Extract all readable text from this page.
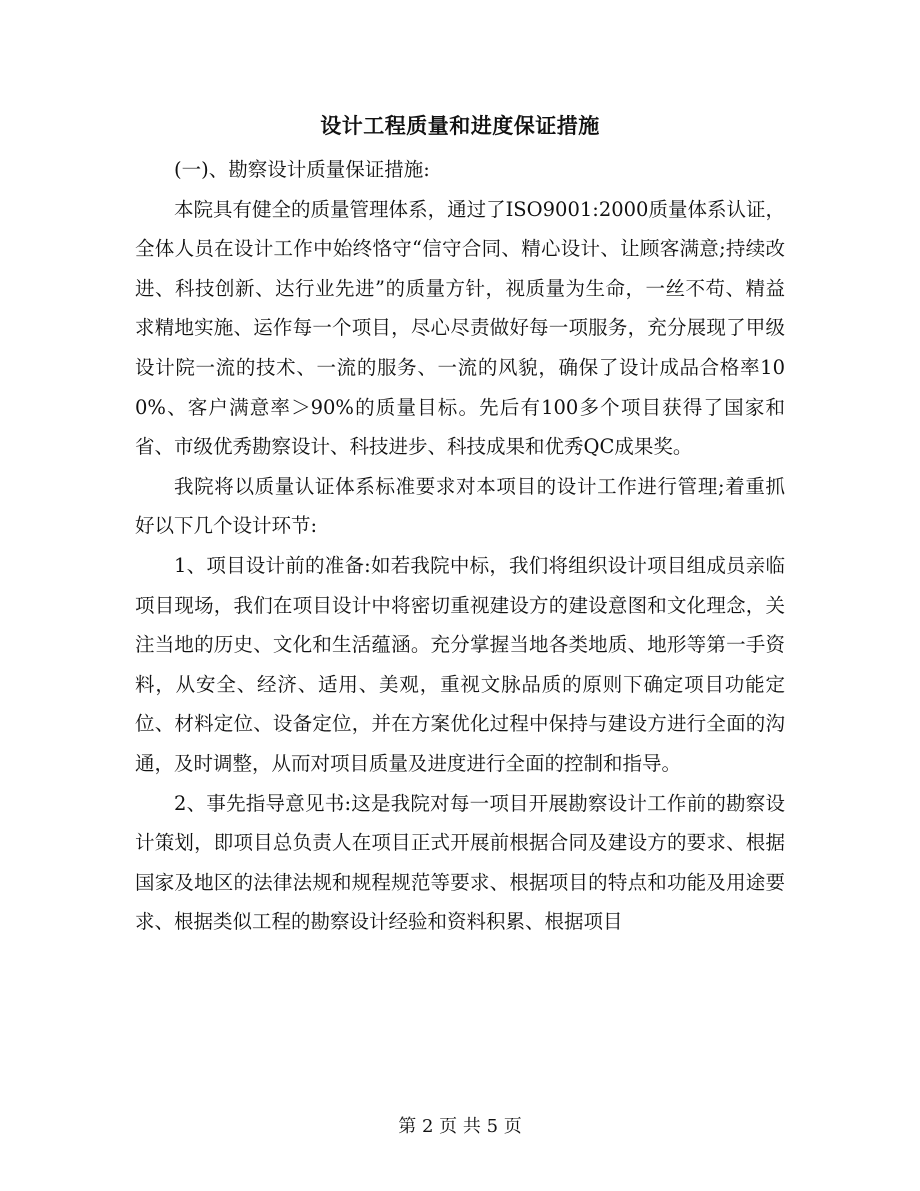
设计工程质量和进度保证措施

(一)、勘察设计质量保证措施:

本院具有健全的质量管理体系，通过了ISO9001:2000质量体系认证，全体人员在设计工作中始终恪守“信守合同、精心设计、让顾客满意;持续改进、科技创新、达行业先进”的质量方针，视质量为生命，一丝不苟、精益求精地实施、运作每一个项目，尽心尽责做好每一项服务，充分展现了甲级设计院一流的技术、一流的服务、一流的风貌，确保了设计成品合格率100%、客户满意率＞90%的质量目标。先后有100多个项目获得了国家和省、市级优秀勘察设计、科技进步、科技成果和优秀QC成果奖。

我院将以质量认证体系标准要求对本项目的设计工作进行管理;着重抓好以下几个设计环节:

1、项目设计前的准备:如若我院中标，我们将组织设计项目组成员亲临项目现场，我们在项目设计中将密切重视建设方的建设意图和文化理念，关注当地的历史、文化和生活蕴涵。充分掌握当地各类地质、地形等第一手资料，从安全、经济、适用、美观，重视文脉品质的原则下确定项目功能定位、材料定位、设备定位，并在方案优化过程中保持与建设方进行全面的沟通，及时调整，从而对项目质量及进度进行全面的控制和指导。

2、事先指导意见书:这是我院对每一项目开展勘察设计工作前的勘察设计策划，即项目总负责人在项目正式开展前根据合同及建设方的要求、根据国家及地区的法律法规和规程规范等要求、根据项目的特点和功能及用途要求、根据类似工程的勘察设计经验和资料积累、根据项目

第 2 页 共 5 页
